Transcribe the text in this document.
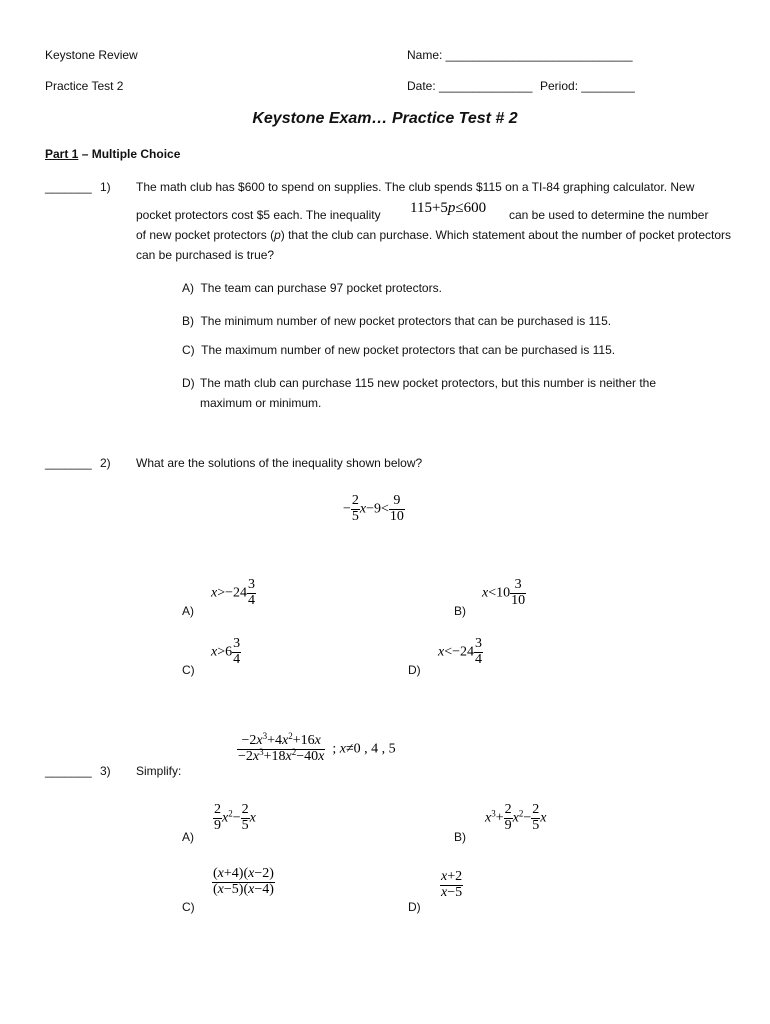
Keystone Review
Practice Test 2
Name: ____________________________
Date: ______________ Period: ________
Keystone Exam… Practice Test # 2
Part 1 – Multiple Choice
_______ 1) The math club has $600 to spend on supplies. The club spends $115 on a TI-84 graphing calculator. New
pocket protectors cost $5 each. The inequality 115+5p≤600 can be used to determine the number
of new pocket protectors (p) that the club can purchase. Which statement about the number of pocket protectors can be purchased is true?
A) The team can purchase 97 pocket protectors.
B) The minimum number of new pocket protectors that can be purchased is 115.
C) The maximum number of new pocket protectors that can be purchased is 115.
D) The math club can purchase 115 new pocket protectors, but this number is neither the maximum or minimum.
_______ 2) What are the solutions of the inequality shown below?
− $\frac{2}{5} x-9< \frac{9}{10}$
A)
$x>-24 \frac{3}{4}$
B)
$x<10 \frac{3}{10}$
C)
$x>6 \frac{3}{4}$
D)
$x<-24 \frac{3}{4}$
_______ 3) Simplify:
$\frac{-2x^3+4x^2+16x}{-2x^3+18x^2-40x}$ ; x≠0 , 4 , 5
A)
$\frac{2}{9} x^2- \frac{2}{5}$ x
B)
$x^3+ \frac{2}{9} x^2- \frac{2}{5}$ x
C)
$\frac{(x+4)(x-2)}{(x-5)(x-4)}$
D)
$\frac{x+2}{x-5}$
